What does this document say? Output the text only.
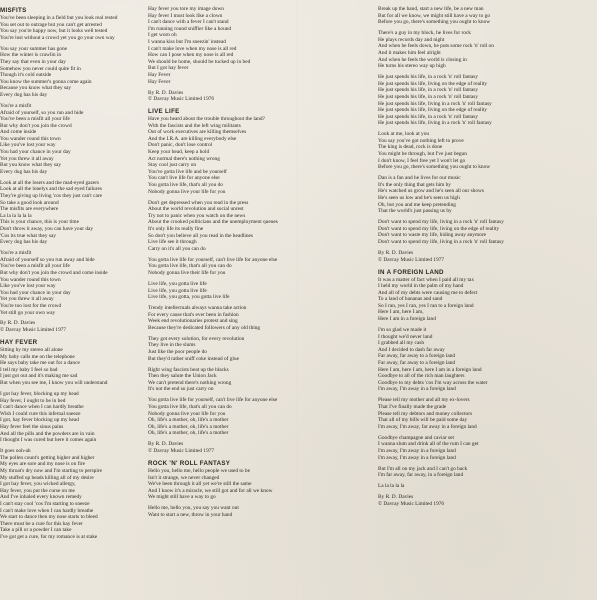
MISFITS
You've been sleeping in a field but you look real rested
You set out to outrage but you can't get arrested
You say you're happy now, but it looks well tested
You're lost without a crowd yet you go your own way
You say your summer has gone
How the winter is crawlin in
They say that even in your day
Somehow you never could quite fit in
Though it's cold outside
You know the summer's gonna come again
Because you know what they say
Every dog has his day
You're a misfit
Afraid of yourself, so you run and hide
You've been a misfit all your life
But why don't you join the crowd
And come inside
You wander round this town
Like you've lost your way
You had your chance in your day
Yet you threw it all away
But you know what they say
Every dog has his day
Look at all the losers and the mad-eyed gazers
Look at all the lonelys and the sad eyed failures
They're giving up living 'cos they just can't care
So take a good look around
The misfits are everywhere
La la la la la la
This is your chance, this is your time
Don't throw it away, you can have your day
'Cos its true what they say
Every dog has his day
You're a misfit
Afraid of yourself so you run away and hide
You've been a misfit all your life
But why don't you join the crowd and come inside
You wander round this town
Like you've lost your way
You had your chance in your day
Yet you threw it all away
You're too lost for the crowd
Yet still go your own way
By R. D. Davies
© Davray Music Limited 1977
HAY FEVER
Sitting by my stereo all alone
My baby calls me on the telephone
He says baby take me out for a dance
I tell my baby I feel so bad
I just got out and it's making me sad
But when you see me, I know you will understand
I got hay fever, blocking up my head
Hay fever, I ought to be in bed
I can't dance when I can hardly breathe
Wish I could cure this infernal sneeze
I got, hay fever blocking up my head
Hay fever feel the sinus pains
And all the pills and the powders are in vain
I thought I was cured but here it comes again
It goes ooh-ah
The pollen count's getting higher and higher
My eyes are sore and my nose is on fire
My throat's dry now and I'm starting to perspire
My stuffed up heads killing all of my desire
I got hay fever, you wicked allergy,
Hay fever, you put the curse on me
And I've inhaled every known remedy
I can't stay cool 'cos I'm starting to sneeze
I can't make love when I can hardly breathe
We start to dance then my nose starts to bleed
There must be a cure for this hay fever
Take a pill or a powder I can take
I've got get a cure, for my romance is at stake
Hay fever you tore my image down
Hay fever I must look like a clown
I can't dance with a fever I can't stand
I'm running round sniffier like a hound
I get worn oh
I wanna kiss but I'm sneezin' instead
I can't make love when my nose is all red
How can I pose when my nose is all red
We should be home, should be tucked up in bed
But I got hay fever
Hay Fever
Hay Fever
By R. D. Davies
© Davray Music Limited 1976
LIVE LIFE
Have you heard about the trouble throughout the land?
With the fascists and the left wing militants
Out of work executives are killing themselves
And the I.R.A. are killing everybody else
Don't panic, don't lose control
Keep your head, keep a hold
Act normal there's nothing wrong
Stay cool just carry on
You've gotta live life and be yourself
You can't live life for anyone else
You gotta live life, that's all you do
Nobody gonna live your life for you
Don't get depressed when you read in the press
About the world revolution and social unrest
Try not to panic when you watch on the news
About the crooked politicians and the unemployment queues
It's only life its really fine
So don't you believe all you read in the headlines
Live life see it through
Carry on it's all you can do
You gotta live life for yourself, can't live life for anyone else
You gotta live life, that's all you can do
Nobody gonna live their life for you
Live life, you gotta live life
Live life, you gotta live life
Live life, you gotta, you gotta live life
Trendy intellectuals always wanna take action
For every cause that's ever been in fashion
Week end revolutionaries protest and sing
Because they're dedicated followers of any old thing
They got every solution, for every revolution
They live in the slums
Just like the poor people do
But they'd rather sniff coke instead of glue
Right wing fascists beat up the blacks
Then they salute the Union Jack
We can't pretend there's nothing wrong
It's not the end so just carry on
You gotta live life for yourself, can't live life for anyone else
You gotta live life, that's all you can do
Nobody gonna live your life for you
Oh, life's a mother, oh, life's a mother
Oh, life's a mother, oh, life's a mother
Oh, life's a mother, oh, life's a mother
By R. D. Davies
© Davray Music Limited 1977
ROCK 'N' ROLL FANTASY
Hello you, hello me, hello people we used to be
Isn't it strange, we never changed
We've been through it all yet we're still the same
And I know it's a miracle, we still got and for all we know
We might still have a way to go
Hello me, hello you, you say you want out
Want to start a new, throw in your hand
Break up the band, start a new life, be a new man
But for all we know, we might still have a way to go
Before you go, there's something you ought to know
There's a guy in my block, he lives for rock
He plays records day and night
And when he feels down, he puts some rock 'n' roll on
And it makes him feel alright
And when he feels the world is closing in
He turns his stereo way up high
He just spends his life, in a rock 'n' roll fantasy
He just spends his life, living on the edge of reality
He just spends his life, in a rock 'n' roll fantasy
He just spends his life, in a rock 'n' roll fantasy
He just spends his life, living in a rock 'n' roll fantasy
He just spends his life, living on the edge of reality
He just spends his life, in a rock 'n' roll fantasy
He just spends his life, living in a rock 'n' roll fantasy
Look at me, look at you
You say you've got nothing left to prove
The king is dead, rock is done
You might be through, but I've just begun
I don't know, I feel free yet I won't let go
Before you go, there's something you ought to know
Dan is a fan and he lives for our music
It's the only thing that gets him by
He's watched us grow and he's seen all our shows
He's seen us low and he's seen us high
Oh, but you and me keep pretending
That the world's just passing us by
Don't want to spend my life, living in a rock 'n' roll fantasy
Don't want to spend my life, living on the edge of reality
Don't want to waste my life, hiding away anymore
Don't want to spend my life, living in a rock 'n' roll fantasy
By R. D. Davies
© Davray Music Limited 1977
IN A FOREIGN LAND
It was a matter of fact when I paid all my tax
I held my world in the palm of my hand
And all of my debts were causing me to defect
To a land of bananas and sand
So I ran, yes I ran, yes I ran to a foreign land
Here I am, here I am,
Here I am in a foreign land
I'm so glad we made it
I thought we'd never land
I grabbed all my cash
And I decided to dash far away
Far away, far away to a foreign land
Far away, far away to a foreign land
Here I am, here I am, here I am in a foreign land
Goodbye to all of the rich man laughters
Goodbye to my debts 'cos I'm way across the water
I'm away, I'm away in a foreign land
Please tell my mother and all my ex-lovers
That I've finally made the grade
Please tell my debtors and money collectors
That all of my bills will be paid some day
I'm away, I'm away, far away in a foreign land
Goodbye champagne and caviar set
I wanna slum and drink all of the rum I can get
I'm away, I'm away in a foreign land
I'm away, I'm away in a foreign land
But I'm all on my jack and I can't go back
I'm far away, far away, in a foreign land
La la la la la
By R. D. Davies
© Davray Music Limited 1976
